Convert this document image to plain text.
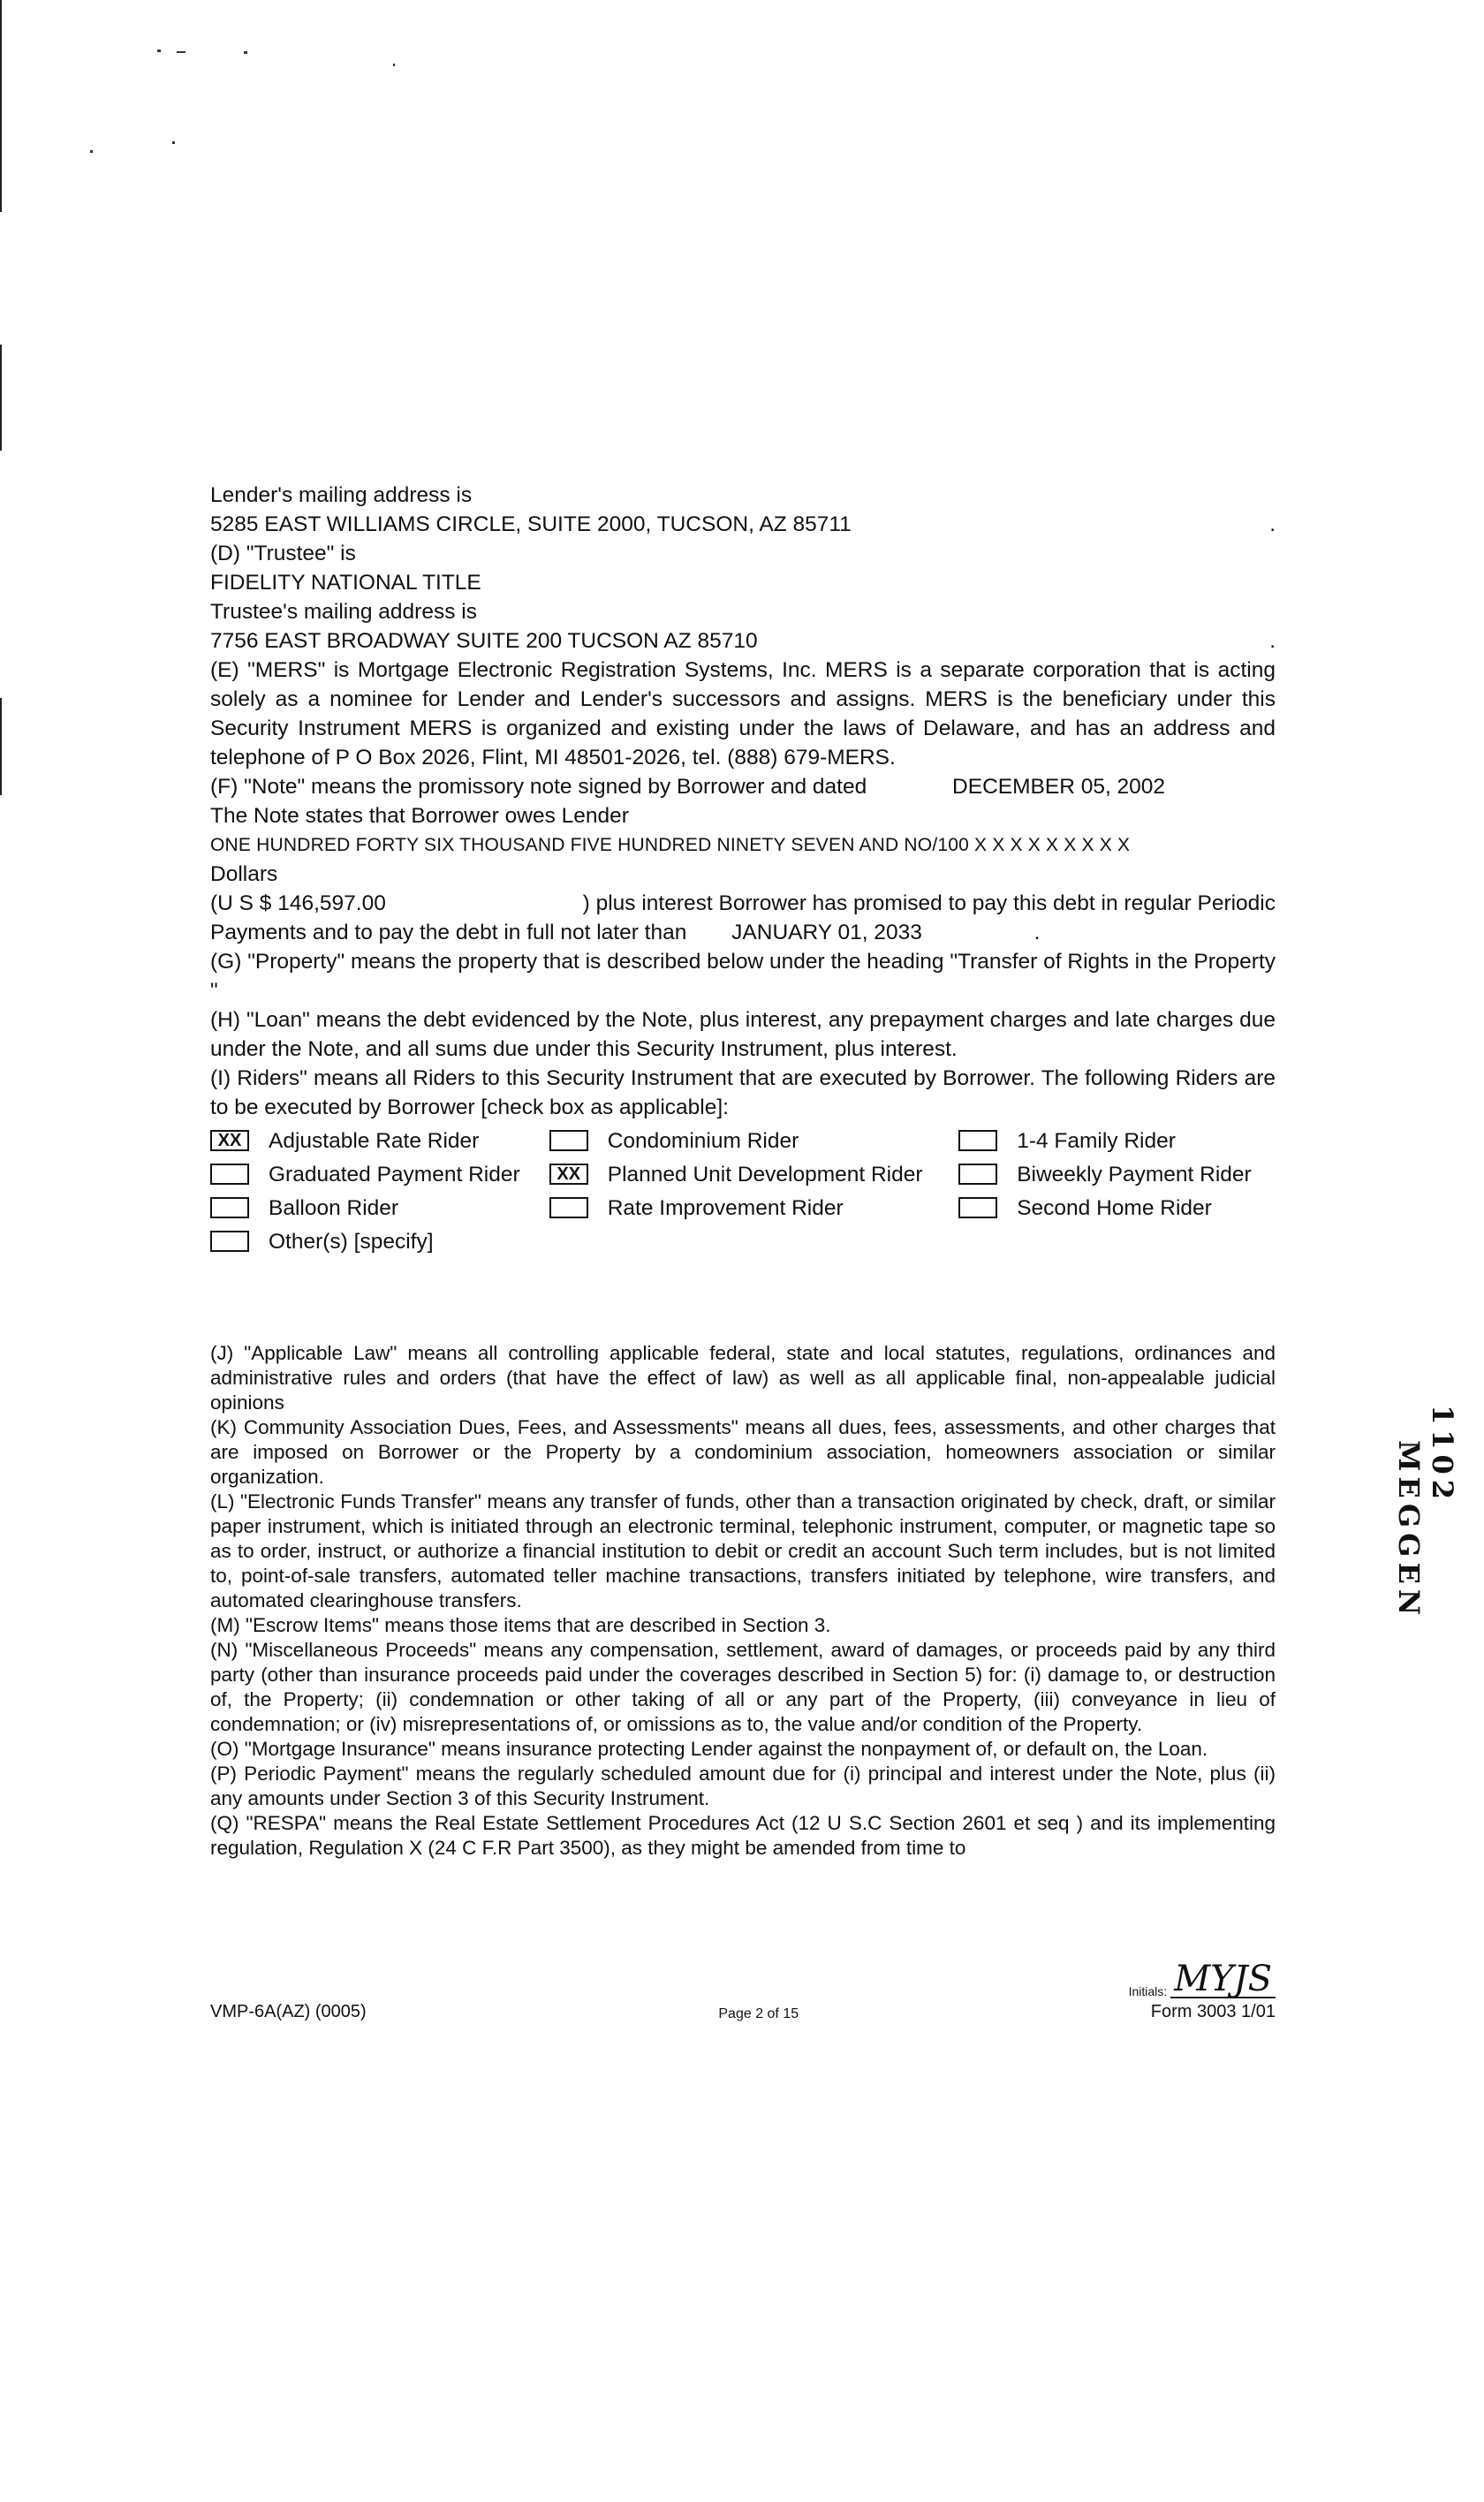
Lender's mailing address is

5285 EAST WILLIAMS CIRCLE, SUITE 2000, TUCSON, AZ 85711	.

(D) "Trustee" is

FIDELITY NATIONAL TITLE

Trustee's mailing address is

7756 EAST BROADWAY SUITE 200 TUCSON AZ 85710	.

(E) "MERS" is Mortgage Electronic Registration Systems, Inc. MERS is a separate corporation that is acting solely as a nominee for Lender and Lender's successors and assigns. MERS is the beneficiary under this Security Instrument MERS is organized and existing under the laws of Delaware, and has an address and telephone of P O Box 2026, Flint, MI 48501-2026, tel. (888) 679-MERS.

(F) "Note" means the promissory note signed by Borrower and dated	DECEMBER 05, 2002

The Note states that Borrower owes Lender

ONE HUNDRED FORTY SIX THOUSAND FIVE HUNDRED NINETY SEVEN AND NO/100 X X X X X X X X X

Dollars

(U S $ 146,597.00	) plus interest Borrower has promised to pay this debt in regular Periodic
Payments and to pay the debt in full not later than JANUARY 01, 2033	.

(G) "Property" means the property that is described below under the heading "Transfer of Rights in the Property "

(H) "Loan" means the debt evidenced by the Note, plus interest, any prepayment charges and late charges due under the Note, and all sums due under this Security Instrument, plus interest.

(I) Riders" means all Riders to this Security Instrument that are executed by Borrower. The following Riders are to be executed by Borrower [check box as applicable]:

XX	Adjustable Rate Rider	Condominium Rider	1-4 Family Rider
Graduated Payment Rider	XX	Planned Unit Development Rider	Biweekly Payment Rider
Balloon Rider	Rate Improvement Rider	Second Home Rider
Other(s) [specify]

(J) "Applicable Law" means all controlling applicable federal, state and local statutes, regulations, ordinances and administrative rules and orders (that have the effect of law) as well as all applicable final, non-appealable judicial opinions

(K) Community Association Dues, Fees, and Assessments" means all dues, fees, assessments, and other charges that are imposed on Borrower or the Property by a condominium association, homeowners association or similar organization.

(L) "Electronic Funds Transfer" means any transfer of funds, other than a transaction originated by check, draft, or similar paper instrument, which is initiated through an electronic terminal, telephonic instrument, computer, or magnetic tape so as to order, instruct, or authorize a financial institution to debit or credit an account Such term includes, but is not limited to, point-of-sale transfers, automated teller machine transactions, transfers initiated by telephone, wire transfers, and automated clearinghouse transfers.

(M) "Escrow Items" means those items that are described in Section 3.

(N) "Miscellaneous Proceeds" means any compensation, settlement, award of damages, or proceeds paid by any third party (other than insurance proceeds paid under the coverages described in Section 5) for: (i) damage to, or destruction of, the Property; (ii) condemnation or other taking of all or any part of the Property, (iii) conveyance in lieu of condemnation; or (iv) misrepresentations of, or omissions as to, the value and/or condition of the Property.

(O) "Mortgage Insurance" means insurance protecting Lender against the nonpayment of, or default on, the Loan.

(P) Periodic Payment" means the regularly scheduled amount due for (i) principal and interest under the Note, plus (ii) any amounts under Section 3 of this Security Instrument.

(Q) "RESPA" means the Real Estate Settlement Procedures Act (12 U S.C Section 2601 et seq ) and its implementing regulation, Regulation X (24 C F.R Part 3500), as they might be amended from time to

Initials: MYJS
VMP-6A(AZ) (0005)	Page 2 of 15	Form 3003 1/01
1102
MEGGEN
